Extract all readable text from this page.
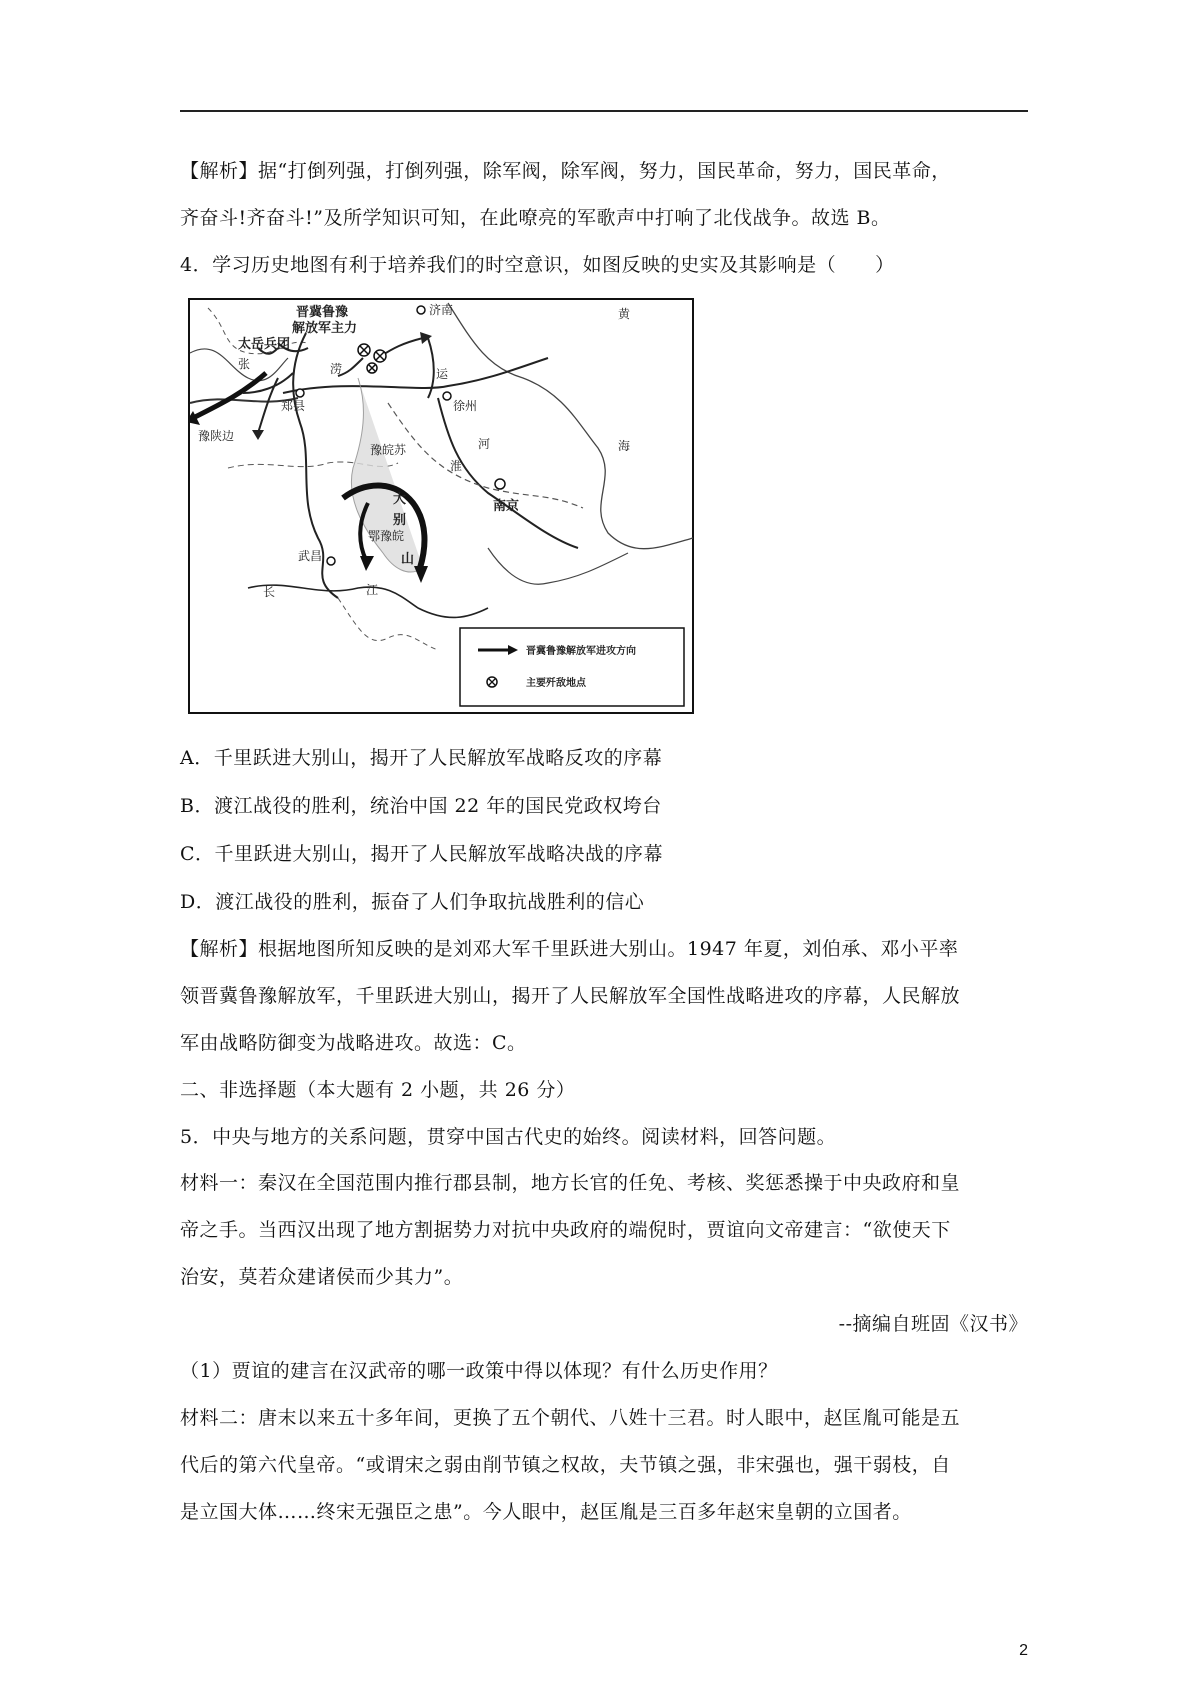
【解析】据“打倒列强，打倒列强，除军阀，除军阀，努力，国民革命，努力，国民革命，
齐奋斗!齐奋斗!”及所学知识可知，在此嘹亮的军歌声中打响了北伐战争。故选 B。
4．学习历史地图有利于培养我们的时空意识，如图反映的史实及其影响是（　　）
晋冀鲁豫
解放军主力
太岳兵团
济南
郑县	徐州
南京
武昌
豫陕边
豫皖苏
鄂豫皖
黄
海
大
别
山
淮
河
运
长	江
张	涝
晋冀鲁豫解放军进攻方向
主要歼敌地点
A．千里跃进大别山，揭开了人民解放军战略反攻的序幕
B．渡江战役的胜利，统治中国 22 年的国民党政权垮台
C．千里跃进大别山，揭开了人民解放军战略决战的序幕
D．渡江战役的胜利，振奋了人们争取抗战胜利的信心
【解析】根据地图所知反映的是刘邓大军千里跃进大别山。1947 年夏，刘伯承、邓小平率
领晋冀鲁豫解放军，千里跃进大别山，揭开了人民解放军全国性战略进攻的序幕，人民解放
军由战略防御变为战略进攻。故选：C。
二、非选择题（本大题有 2 小题，共 26 分）
5．中央与地方的关系问题，贯穿中国古代史的始终。阅读材料，回答问题。
材料一：秦汉在全国范围内推行郡县制，地方长官的任免、考核、奖惩悉操于中央政府和皇
帝之手。当西汉出现了地方割据势力对抗中央政府的端倪时，贾谊向文帝建言：“欲使天下
治安，莫若众建诸侯而少其力”。
--摘编自班固《汉书》
（1）贾谊的建言在汉武帝的哪一政策中得以体现？有什么历史作用？
材料二：唐末以来五十多年间，更换了五个朝代、八姓十三君。时人眼中，赵匡胤可能是五
代后的第六代皇帝。“或谓宋之弱由削节镇之权故，夫节镇之强，非宋强也，强干弱枝，自
是立国大体……终宋无强臣之患”。今人眼中，赵匡胤是三百多年赵宋皇朝的立国者。
2
